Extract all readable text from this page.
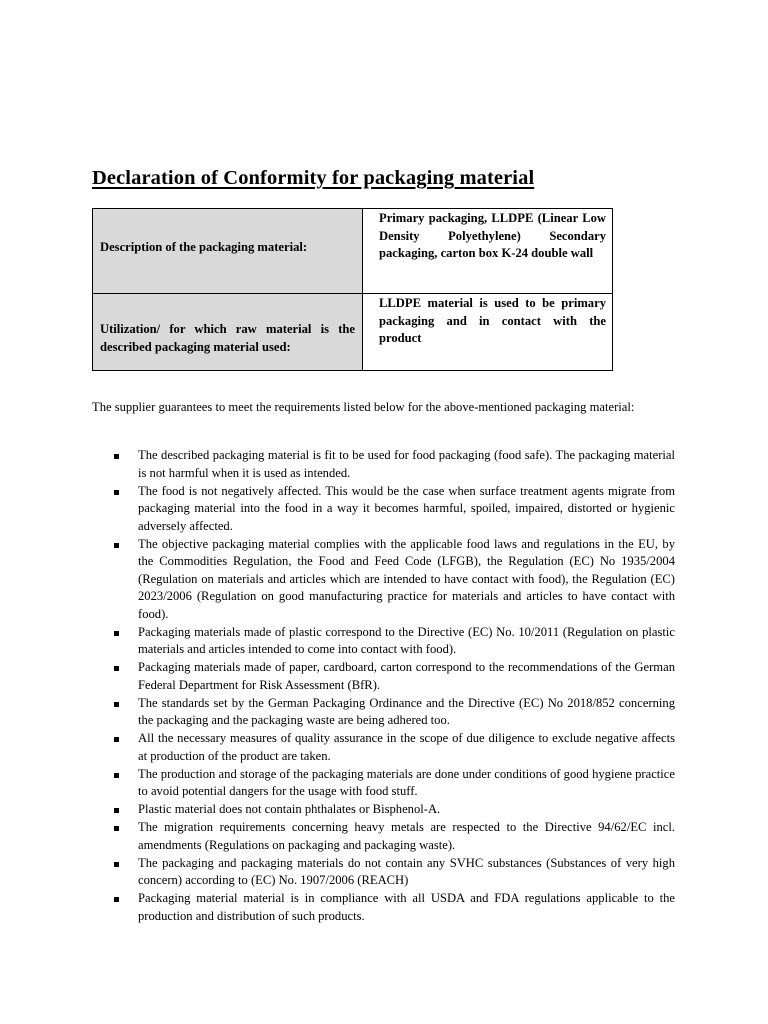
Declaration of Conformity for packaging material
Description of the packaging material:	Primary packaging, LLDPE (Linear Low Density Polyethylene) Secondary packaging, carton box K-24 double wall

Utilization/ for which raw material is the described packaging material used:	LLDPE material is used to be primary packaging and in contact with the product

The supplier guarantees to meet the requirements listed below for the above-mentioned packaging material:

The described packaging material is fit to be used for food packaging (food safe). The packaging material is not harmful when it is used as intended.
The food is not negatively affected. This would be the case when surface treatment agents migrate from packaging material into the food in a way it becomes harmful, spoiled, impaired, distorted or hygienic adversely affected.
The objective packaging material complies with the applicable food laws and regulations in the EU, by the Commodities Regulation, the Food and Feed Code (LFGB), the Regulation (EC) No 1935/2004 (Regulation on materials and articles which are intended to have contact with food), the Regulation (EC) 2023/2006 (Regulation on good manufacturing practice for materials and articles to have contact with food).
Packaging materials made of plastic correspond to the Directive (EC) No. 10/2011 (Regulation on plastic materials and articles intended to come into contact with food).
Packaging materials made of paper, cardboard, carton correspond to the recommendations of the German Federal Department for Risk Assessment (BfR).
The standards set by the German Packaging Ordinance and the Directive (EC) No 2018/852 concerning the packaging and the packaging waste are being adhered too.
All the necessary measures of quality assurance in the scope of due diligence to exclude negative affects at production of the product are taken.
The production and storage of the packaging materials are done under conditions of good hygiene practice to avoid potential dangers for the usage with food stuff.
Plastic material does not contain phthalates or Bisphenol-A.
The migration requirements concerning heavy metals are respected to the Directive 94/62/EC incl. amendments (Regulations on packaging and packaging waste).
The packaging and packaging materials do not contain any SVHC substances (Substances of very high concern) according to (EC) No. 1907/2006 (REACH)
Packaging material material is in compliance with all USDA and FDA regulations applicable to the production and distribution of such products.
